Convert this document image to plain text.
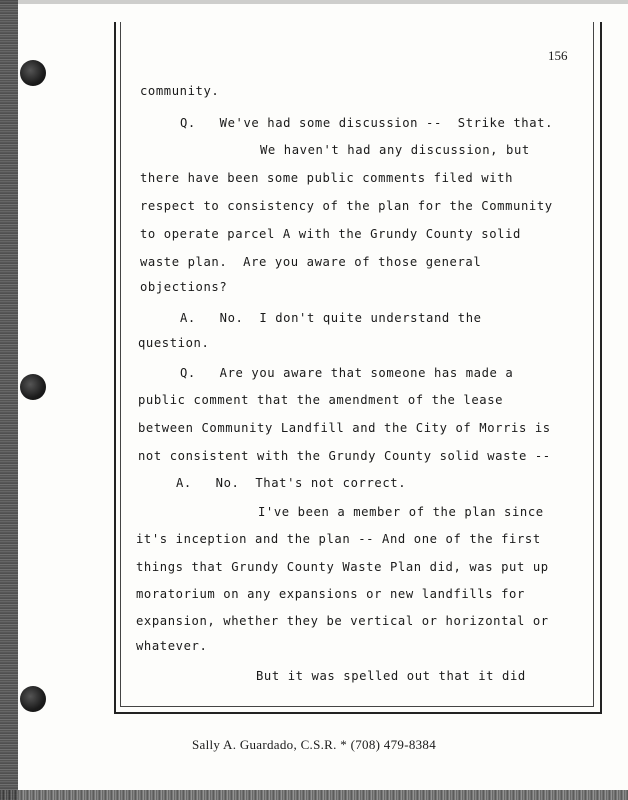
156
community.
Q.   We've had some discussion --  Strike that.
We haven't had any discussion, but
there have been some public comments filed with
respect to consistency of the plan for the Community
to operate parcel A with the Grundy County solid
waste plan.  Are you aware of those general
objections?
A.   No.  I don't quite understand the
question.
Q.   Are you aware that someone has made a
public comment that the amendment of the lease
between Community Landfill and the City of Morris is
not consistent with the Grundy County solid waste --
A.   No.  That's not correct.
I've been a member of the plan since
it's inception and the plan -- And one of the first
things that Grundy County Waste Plan did, was put up
moratorium on any expansions or new landfills for
expansion, whether they be vertical or horizontal or
whatever.
But it was spelled out that it did
Sally A. Guardado, C.S.R. * (708) 479-8384
